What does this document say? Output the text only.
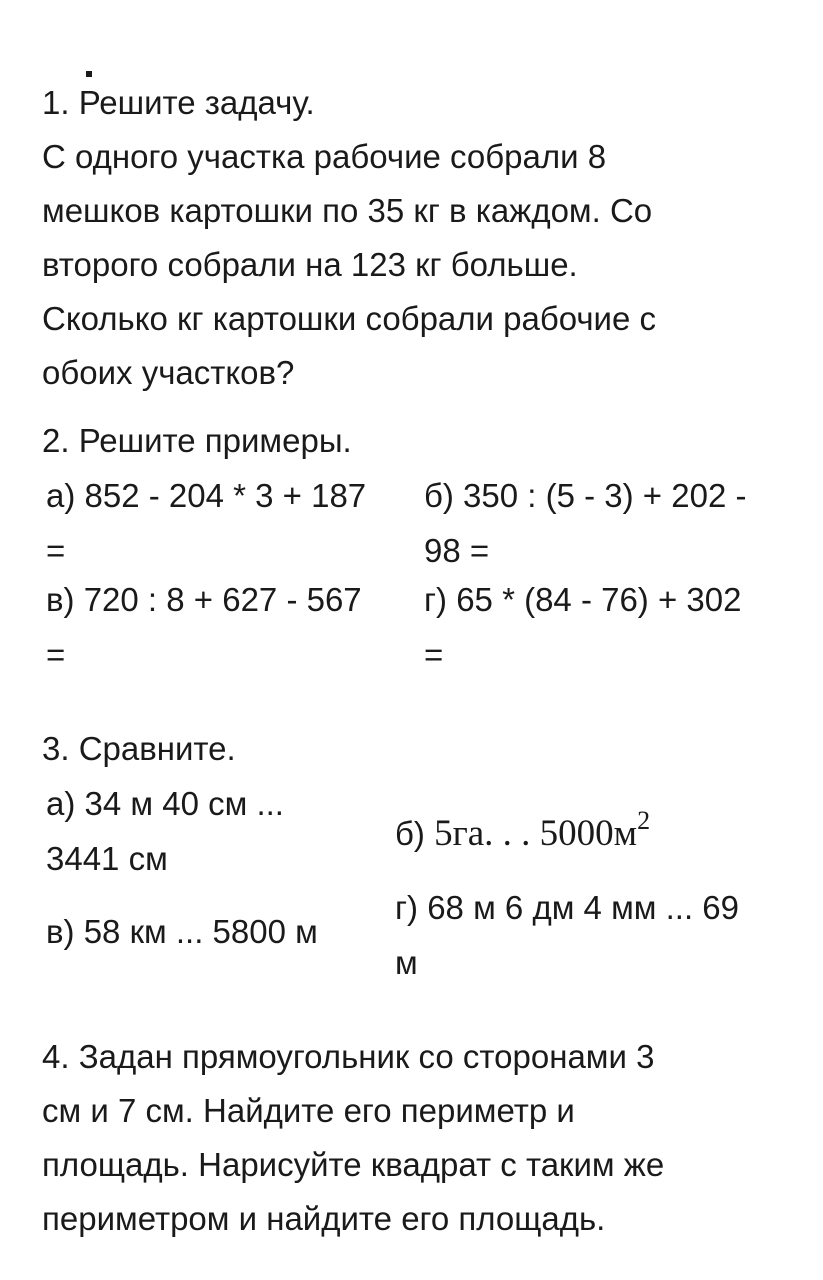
1. Решите задачу.
С одного участка рабочие собрали 8
мешков картошки по 35 кг в каждом. Со
второго собрали на 123 кг больше.
Сколько кг картошки собрали рабочие с
обоих участков?
2. Решите примеры.
а) 852 - 204 * 3 + 187
=
б) 350 : (5 - 3) + 202 -
98 =
в) 720 : 8 + 627 - 567
=
г) 65 * (84 - 76) + 302
=
3. Сравните.
а) 34 м 40 см ...
3441 см
б) 5га. . . $5000м^2$
в) 58 км ... 5800 м
г) 68 м 6 дм 4 мм ... 69
м
4. Задан прямоугольник со сторонами 3
см и 7 см. Найдите его периметр и
площадь. Нарисуйте квадрат с таким же
периметром и найдите его площадь.
